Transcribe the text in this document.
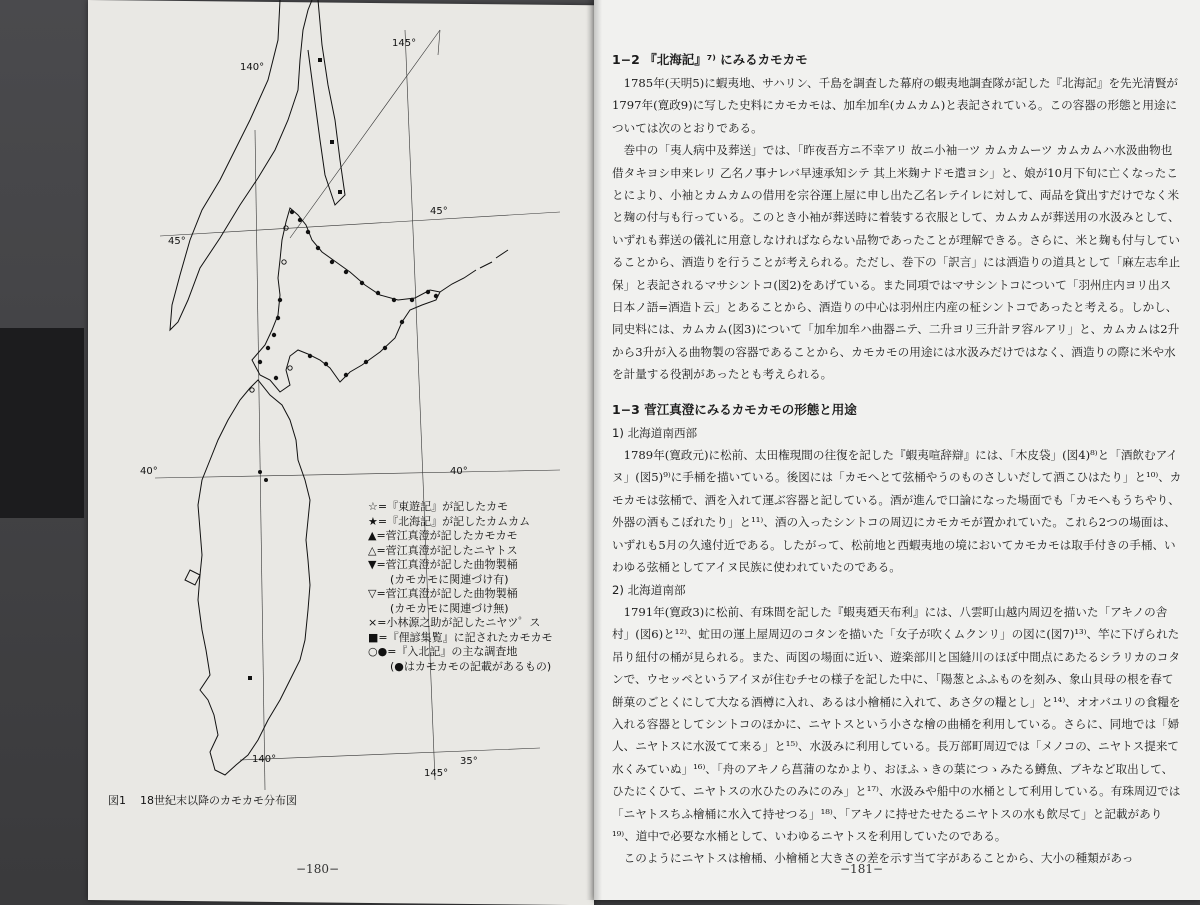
145°
140°
45°
45°
40°	40°
35°
140°
145°
☆=『東遊記』が記したカモ
★=『北海記』が記したカムカム
▲=菅江真澄が記したカモカモ
△=菅江真澄が記したニヤトス
▼=菅江真澄が記した曲物製桶
(カモカモに関連づけ有)
▽=菅江真澄が記した曲物製桶
(カモカモに関連づけ無)
×=小林源之助が記したニヤツ゜ス
■=『俚諺集覧』に記されたカモカモ
○●=『入北記』の主な調査地
(●はカモカモの記載があるもの)
図1 18世紀末以降のカモカモ分布図
−180−
1−2 『北海記』⁷⁾ にみるカモカモ

1785年(天明5)に蝦夷地、サハリン、千島を調査した幕府の蝦夷地調査隊が記した『北海記』を先光清賢が1797年(寛政9)に写した史料にカモカモは、加牟加牟(カムカム)と表記されている。この容器の形態と用途については次のとおりである。

巻中の「夷人病中及葬送」では、「昨夜吾方ニ不幸アリ 故ニ小袖一ツ カムカムーツ カムカムハ水汲曲物也 借タキヨシ申来レリ 乙名ノ事ナレバ早速承知シテ 其上米麹ナドモ遣ヨシ」と、娘が10月下旬に亡くなったことにより、小袖とカムカムの借用を宗谷運上屋に申し出た乙名レテイレに対して、両品を貸出すだけでなく米と麹の付与も行っている。このとき小袖が葬送時に着装する衣服として、カムカムが葬送用の水汲みとして、いずれも葬送の儀礼に用意しなければならない品物であったことが理解できる。さらに、米と麹も付与していることから、酒造りを行うことが考えられる。ただし、巻下の「訳言」には酒造りの道具として「麻左志牟止保」と表記されるマサシントコ(図2)をあげている。また同項ではマサシントコについて「羽州庄内ヨリ出ス 日本ノ語=酒造ト云」とあることから、酒造りの中心は羽州庄内産の柾シントコであったと考える。しかし、同史料には、カムカム(図3)について「加牟加牟ハ曲器ニテ、二升ヨリ三升計ヲ容ルアリ」と、カムカムは2升から3升が入る曲物製の容器であることから、カモカモの用途には水汲みだけではなく、酒造りの際に米や水を計量する役割があったとも考えられる。

1−3 菅江真澄にみるカモカモの形態と用途
1) 北海道南西部

1789年(寛政元)に松前、太田権現間の往復を記した『蝦夷喧辞辯』には、「木皮袋」(図4)⁸⁾と「酒飲むアイヌ」(図5)⁹⁾に手桶を描いている。後図には「カモへとて弦桶やうのものさしいだして酒こひはたり」と¹⁰⁾、カモカモは弦桶で、酒を入れて運ぶ容器と記している。酒が進んで口論になった場面でも「カモへもうちやり、外器の酒もこぼれたり」と¹¹⁾、酒の入ったシントコの周辺にカモカモが置かれていた。これら2つの場面は、いずれも5月の久遠付近である。したがって、松前地と西蝦夷地の境においてカモカモは取手付きの手桶、いわゆる弦桶としてアイヌ民族に使われていたのである。

2) 北海道南部

1791年(寛政3)に松前、有珠間を記した『蝦夷廼天布利』には、八雲町山越内周辺を描いた「アキノの舎村」(図6)と¹²⁾、虻田の運上屋周辺のコタンを描いた「女子が吹くムクンリ」の図に(図7)¹³⁾、竿に下げられた吊り紐付の桶が見られる。また、両図の場面に近い、遊楽部川と国縫川のほぼ中間点にあたるシラリカのコタンで、ウセッペというアイヌが住むチセの様子を記した中に、「陽葱とふふものを刻み、象山貝母の根を春て餅菓のごとくにして大なる酒樽に入れ、あるは小檜桶に入れて、あさ夕の糧とし」と¹⁴⁾、オオバユリの食糧を入れる容器としてシントコのほかに、ニヤトスという小さな檜の曲桶を利用している。さらに、同地では「婦人、ニヤトスに水汲てて来る」と¹⁵⁾、水汲みに利用している。長万部町周辺では「メノコの、ニヤトス提来て水くみていぬ」¹⁶⁾、「舟のアキノら菖蒲のなかより、おほふゝきの葉につゝみたる鱒魚、ブキなど取出して、ひたにくひて、ニヤトスの水ひたのみにのみ」と¹⁷⁾、水汲みや船中の水桶として利用している。有珠周辺では「ニヤトスちふ檜桶に水入て持せつる」¹⁸⁾、「アキノに持せたせたるニヤトスの水も飲尽て」と記載があり¹⁹⁾、道中で必要な水桶として、いわゆるニヤトスを利用していたのである。

このようにニヤトスは檜桶、小檜桶と大きさの差を示す当て字があることから、大小の種類があっ

−181−
